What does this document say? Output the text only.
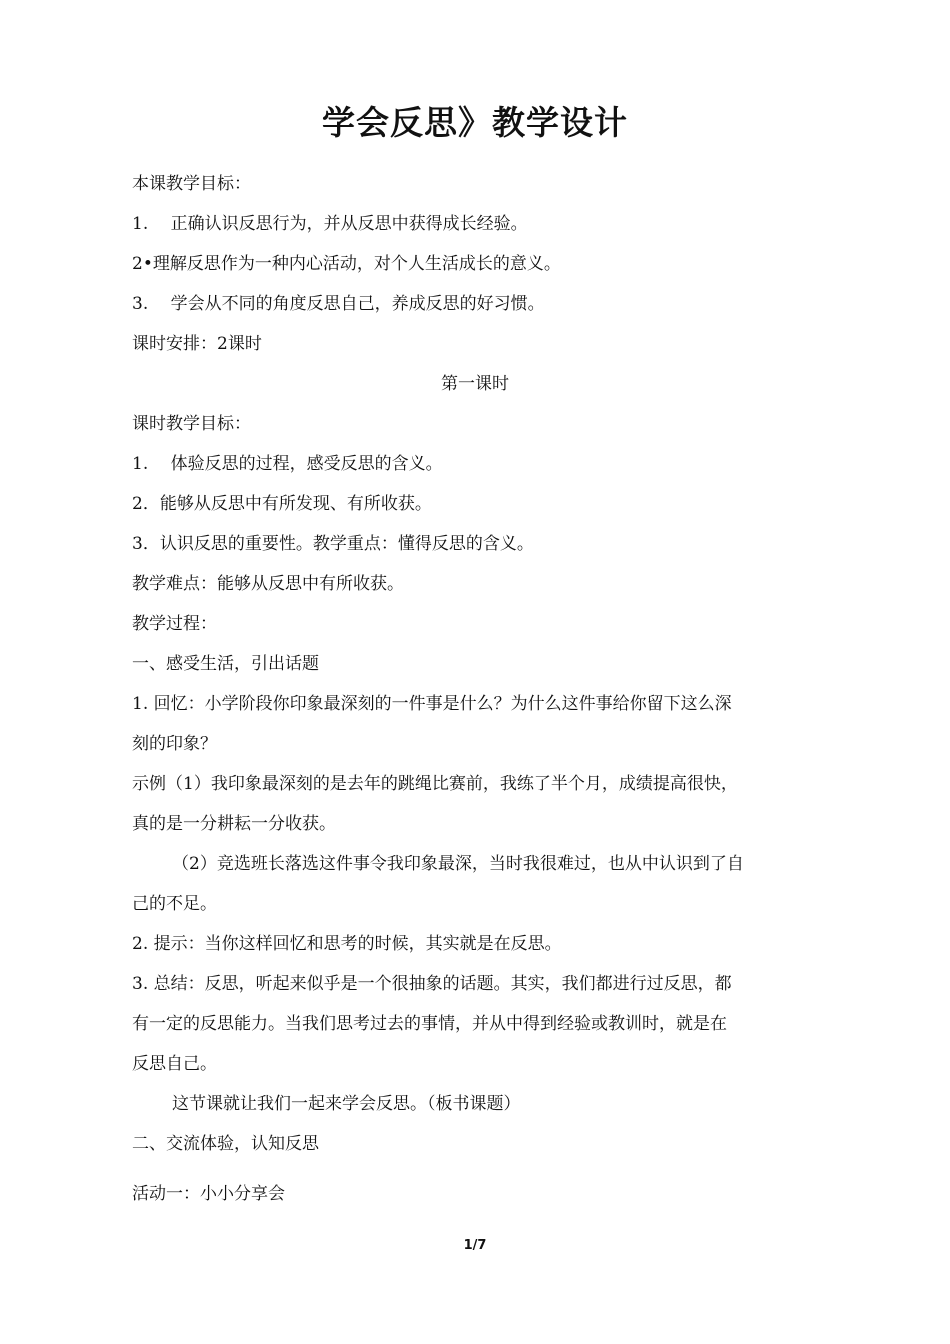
学会反思》教学设计

本课教学目标：

1.　 正确认识反思行为，并从反思中获得成长经验。

2•理解反思作为一种内心活动，对个人生活成长的意义。

3.　 学会从不同的角度反思自己，养成反思的好习惯。

课时安排：2课时

第一课时

课时教学目标：

1.　 体验反思的过程，感受反思的含义。

2．能够从反思中有所发现、有所收获。

3．认识反思的重要性。教学重点：懂得反思的含义。

教学难点：能够从反思中有所收获。

教学过程：

一、感受生活，引出话题

1. 回忆：小学阶段你印象最深刻的一件事是什么？为什么这件事给你留下这么深

刻的印象？

示例（1）我印象最深刻的是去年的跳绳比赛前，我练了半个月，成绩提高很快，

真的是一分耕耘一分收获。

（2）竞选班长落选这件事令我印象最深，当时我很难过，也从中认识到了自

己的不足。

2. 提示：当你这样回忆和思考的时候，其实就是在反思。

3. 总结：反思，听起来似乎是一个很抽象的话题。其实，我们都进行过反思，都

有一定的反思能力。当我们思考过去的事情，并从中得到经验或教训时，就是在

反思自己。

这节课就让我们一起来学会反思。（板书课题）

二、交流体验，认知反思

活动一：小小分享会

1/7
